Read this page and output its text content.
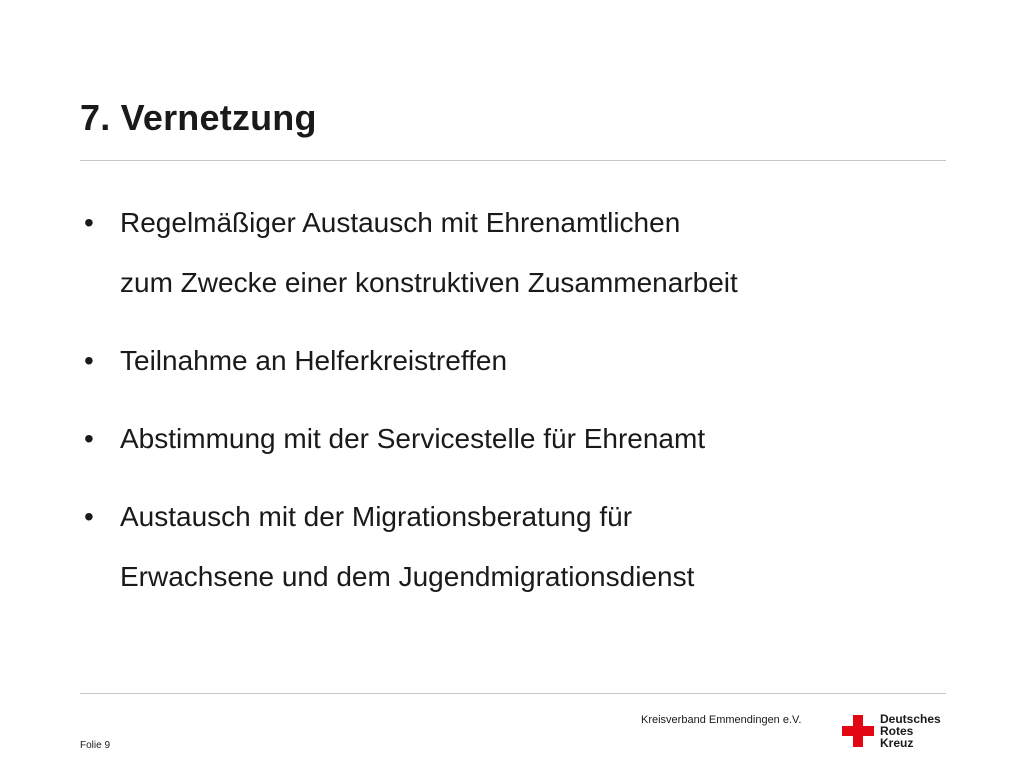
7. Vernetzung
• Regelmäßiger Austausch mit Ehrenamtlichen
zum Zwecke einer konstruktiven Zusammenarbeit
• Teilnahme an Helferkreistreffen
• Abstimmung mit der Servicestelle für Ehrenamt
• Austausch mit der Migrationsberatung für
Erwachsene und dem Jugendmigrationsdienst
Kreisverband Emmendingen e.V.
Folie 9
Deutsches
Rotes
Kreuz
